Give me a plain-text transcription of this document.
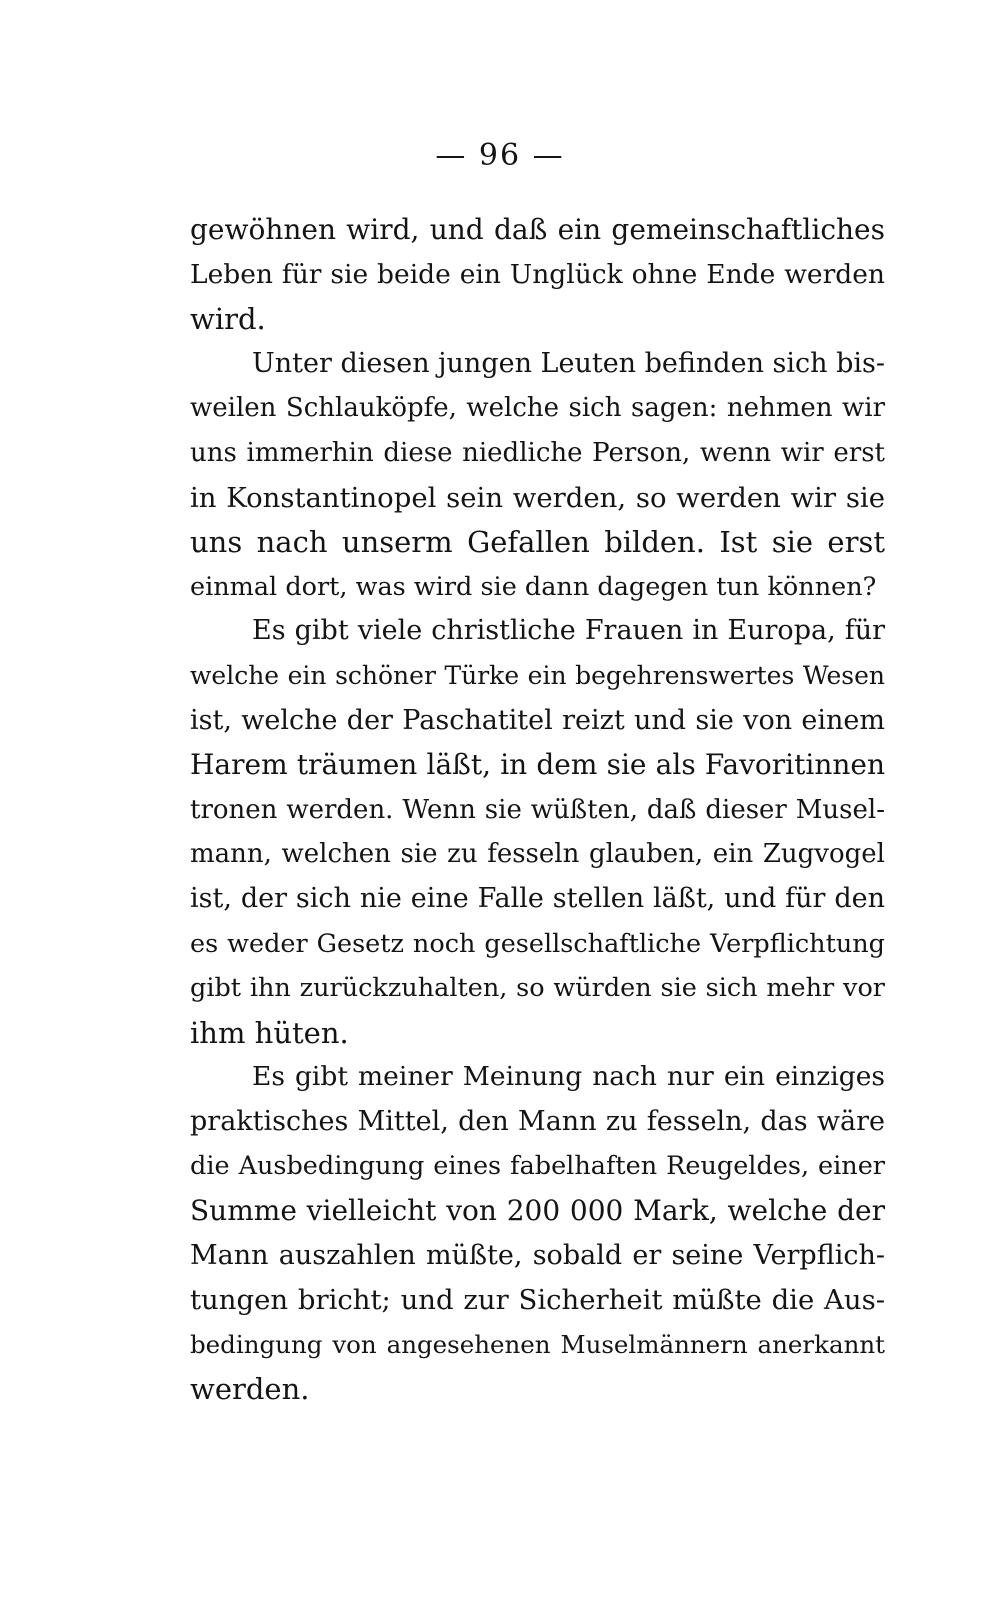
— 96 —
gewöhnen wird, und daß ein gemeinschaftliches
Leben für sie beide ein Unglück ohne Ende werden
wird.
Unter diesen jungen Leuten befinden sich bis-
weilen Schlauköpfe, welche sich sagen: nehmen wir
uns immerhin diese niedliche Person, wenn wir erst
in Konstantinopel sein werden, so werden wir sie
uns nach unserm Gefallen bilden. Ist sie erst
einmal dort, was wird sie dann dagegen tun können?
Es gibt viele christliche Frauen in Europa, für
welche ein schöner Türke ein begehrenswertes Wesen
ist, welche der Paschatitel reizt und sie von einem
Harem träumen läßt, in dem sie als Favoritinnen
tronen werden. Wenn sie wüßten, daß dieser Musel-
mann, welchen sie zu fesseln glauben, ein Zugvogel
ist, der sich nie eine Falle stellen läßt, und für den
es weder Gesetz noch gesellschaftliche Verpflichtung
gibt ihn zurückzuhalten, so würden sie sich mehr vor
ihm hüten.
Es gibt meiner Meinung nach nur ein einziges
praktisches Mittel, den Mann zu fesseln, das wäre
die Ausbedingung eines fabelhaften Reugeldes, einer
Summe vielleicht von 200 000 Mark, welche der
Mann auszahlen müßte, sobald er seine Verpflich-
tungen bricht; und zur Sicherheit müßte die Aus-
bedingung von angesehenen Muselmännern anerkannt
werden.
